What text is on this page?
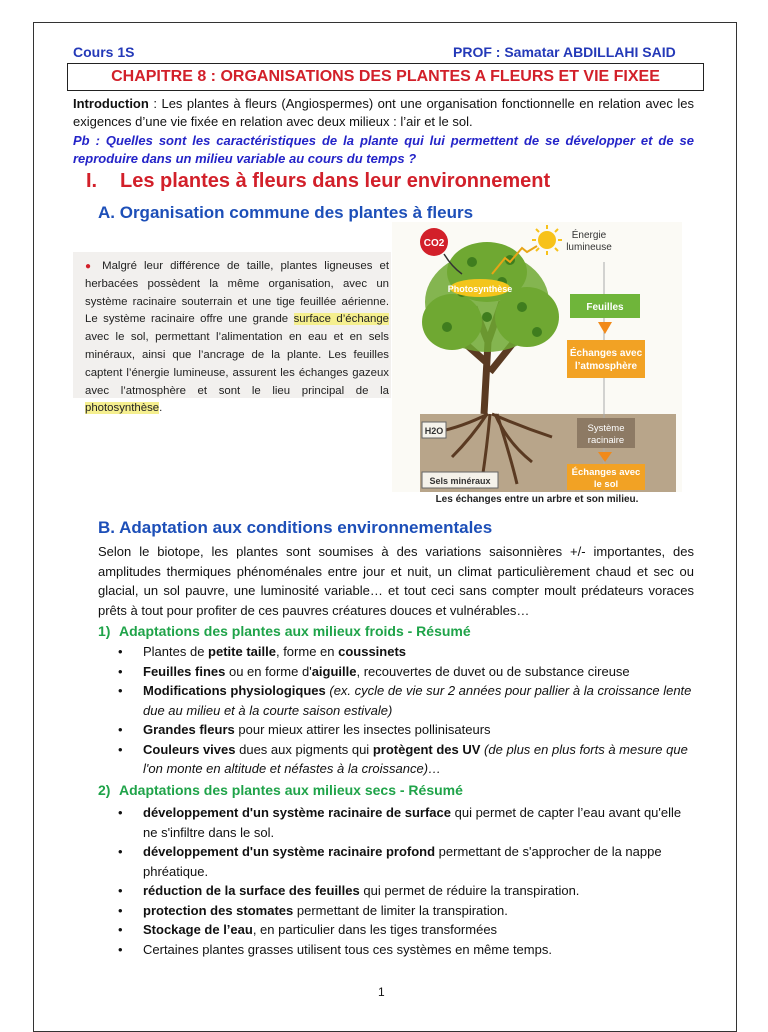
Cours 1S	PROF : Samatar ABDILLAHI SAID
CHAPITRE 8 : ORGANISATIONS DES PLANTES A FLEURS ET VIE FIXEE
Introduction : Les plantes à fleurs (Angiospermes) ont une organisation fonctionnelle en relation avec les exigences d’une vie fixée en relation avec deux milieux : l’air et le sol.
Pb : Quelles sont les caractéristiques de la plante qui lui permettent de se développer et de se reproduire dans un milieu variable au cours du temps ?
I. Les plantes à fleurs dans leur environnement
A. Organisation commune des plantes à fleurs
● Malgré leur différence de taille, plantes ligneuses et herbacées possèdent la même organisation, avec un système racinaire souterrain et une tige feuillée aérienne. Le système racinaire offre une grande surface d’échange avec le sol, permettant l’alimentation en eau et en sels minéraux, ainsi que l’ancrage de la plante. Les feuilles captent l’énergie lumineuse, assurent les échanges gazeux avec l’atmosphère et sont le lieu principal de la photosynthèse.
CO2
Énergie
lumineuse
Photosynthèse
Feuilles
Échanges avec
l’atmosphère
Système
racinaire
Échanges avec
le sol
H2O
Sels minéraux
Les échanges entre un arbre et son milieu.
B. Adaptation aux conditions environnementales
Selon le biotope, les plantes sont soumises à des variations saisonnières +/- importantes, des amplitudes thermiques phénoménales entre jour et nuit, un climat particulièrement chaud et sec ou glacial, un sol pauvre, une luminosité variable… et tout ceci sans compter moult prédateurs voraces prêts à tout pour profiter de ces pauvres créatures douces et vulnérables…
1) Adaptations des plantes aux milieux froids - Résumé
• Plantes de petite taille, forme en coussinets
• Feuilles fines ou en forme d'aiguille, recouvertes de duvet ou de substance cireuse
• Modifications physiologiques (ex. cycle de vie sur 2 années pour pallier à la croissance lente due au milieu et à la courte saison estivale)
• Grandes fleurs pour mieux attirer les insectes pollinisateurs
• Couleurs vives dues aux pigments qui protègent des UV (de plus en plus forts à mesure que l'on monte en altitude et néfastes à la croissance)…
2) Adaptations des plantes aux milieux secs - Résumé
• développement d'un système racinaire de surface qui permet de capter l’eau avant qu'elle ne s'infiltre dans le sol.
• développement d'un système racinaire profond permettant de s'approcher de la nappe phréatique.
• réduction de la surface des feuilles qui permet de réduire la transpiration.
• protection des stomates permettant de limiter la transpiration.
• Stockage de l’eau, en particulier dans les tiges transformées
• Certaines plantes grasses utilisent tous ces systèmes en même temps.
1
